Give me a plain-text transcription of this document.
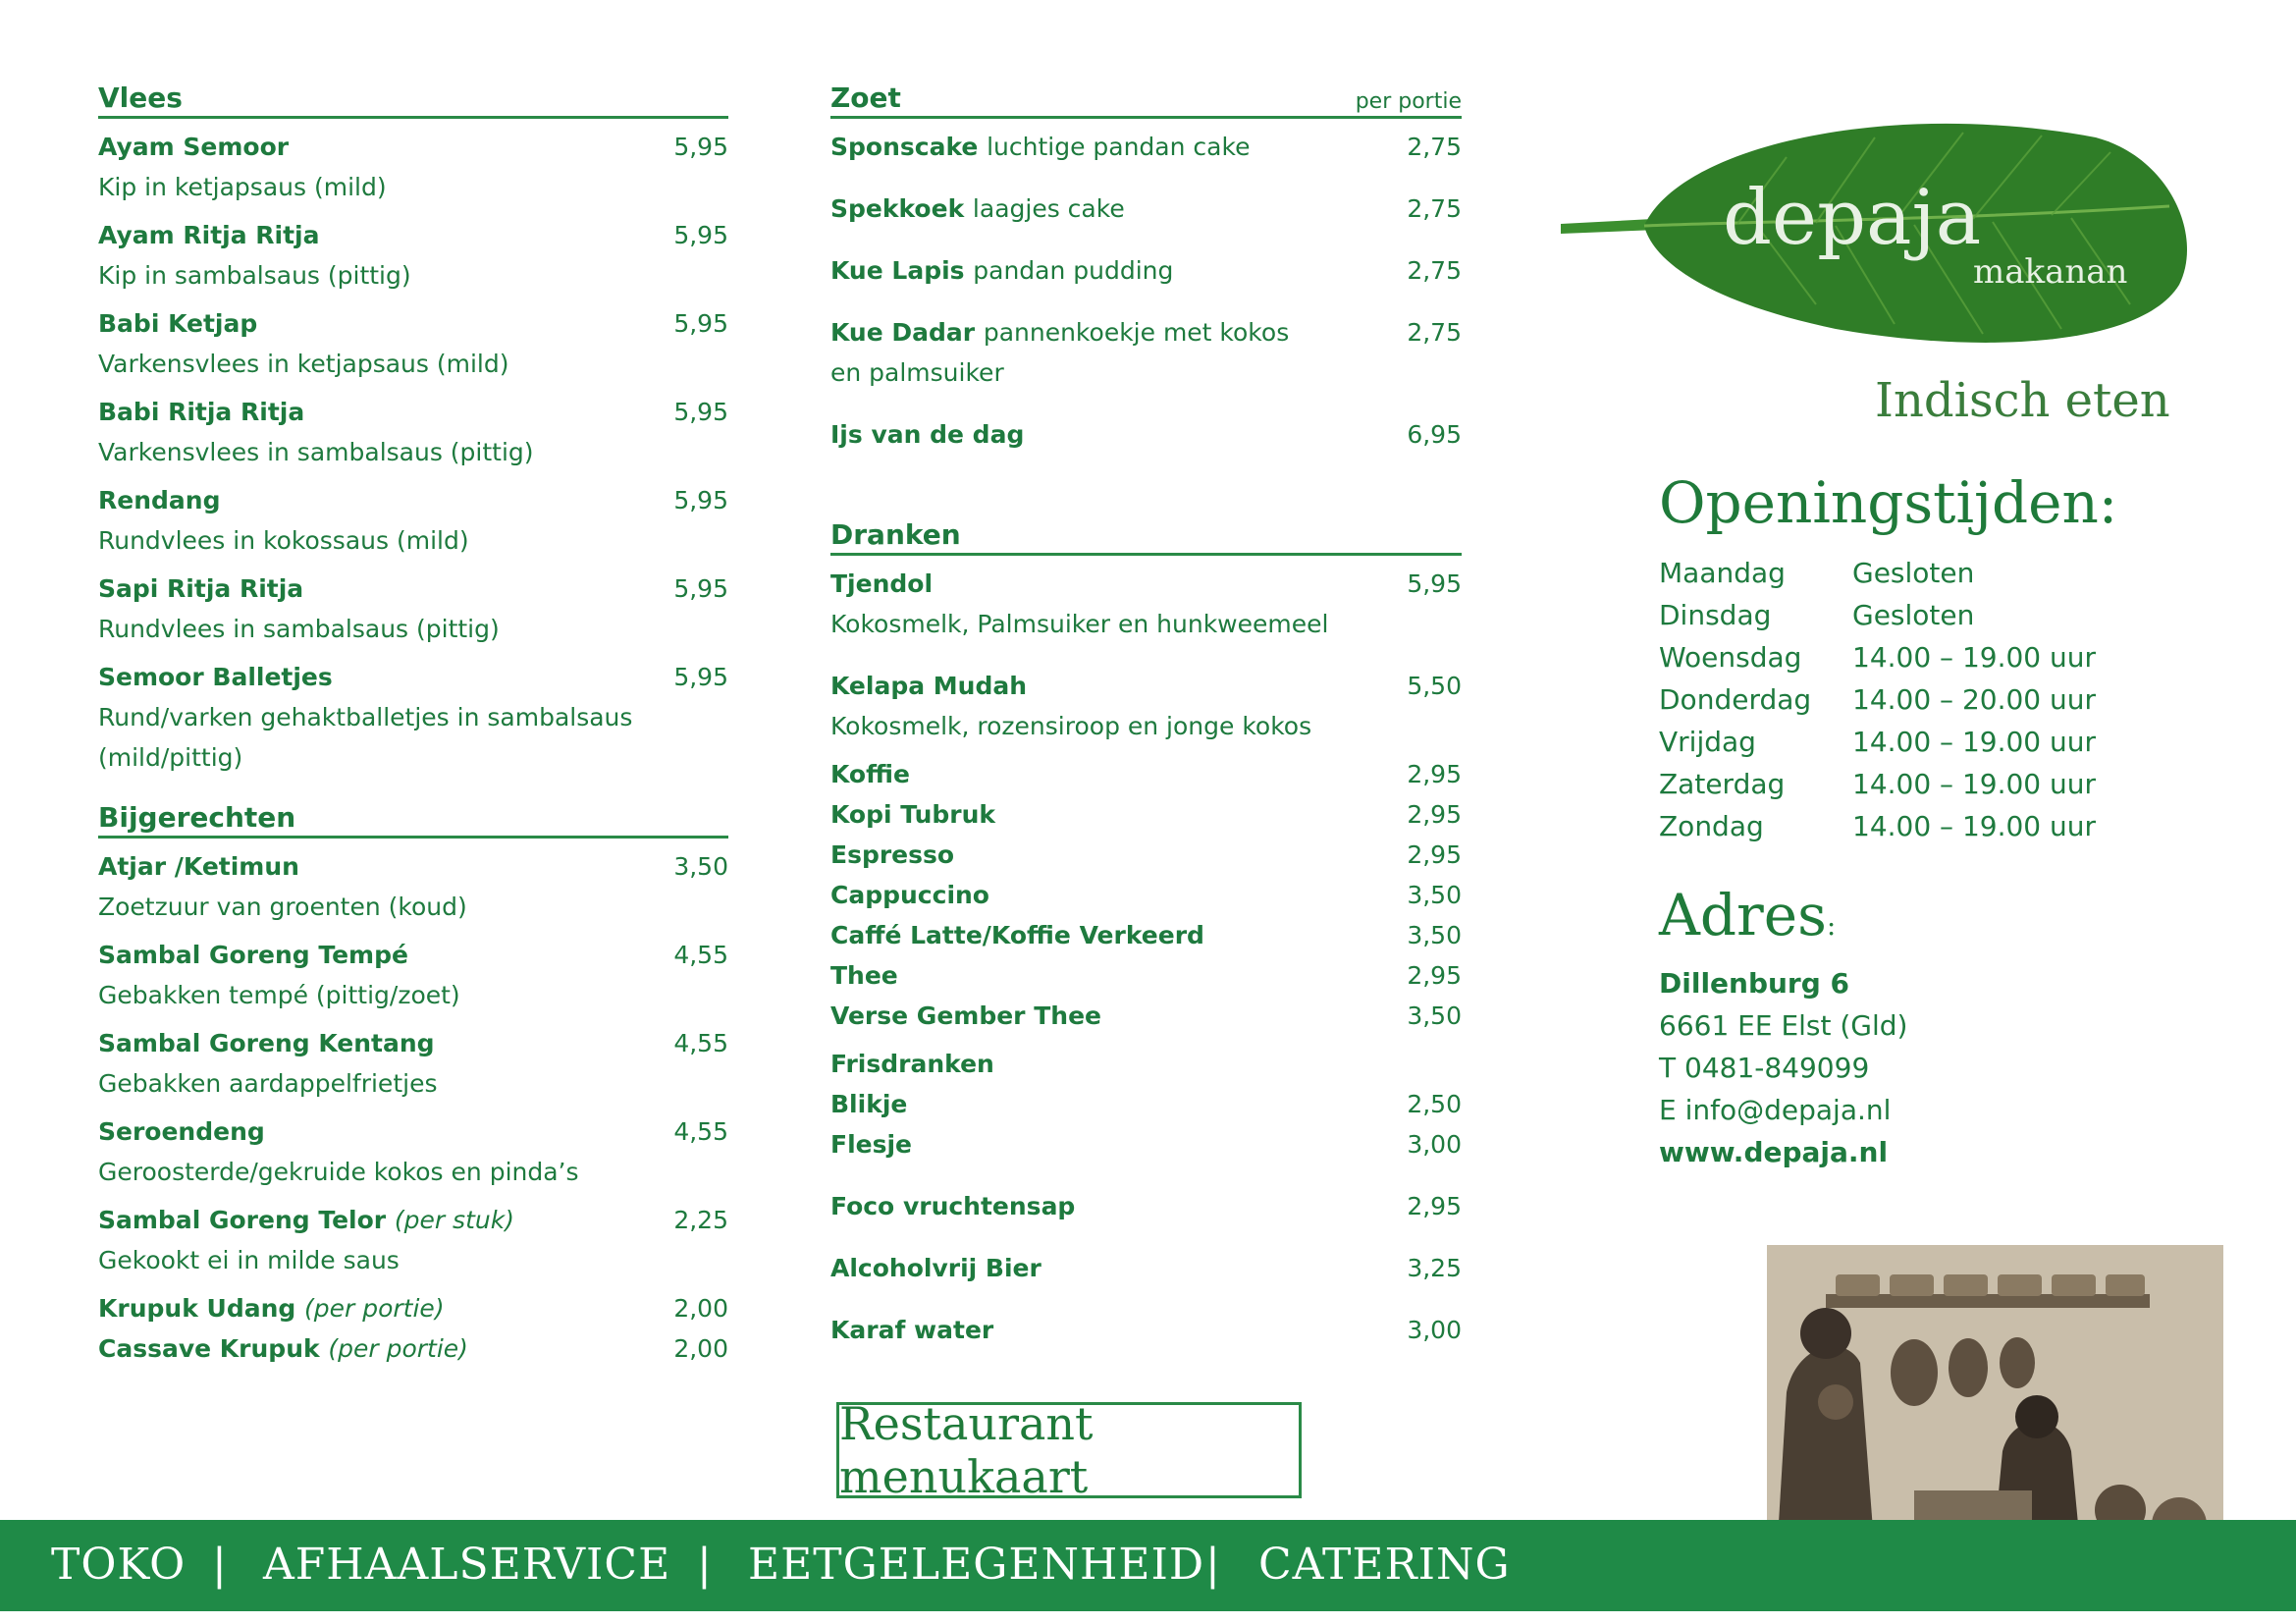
Vlees
Ayam Semoor	5,95
Kip in ketjapsaus (mild)
Ayam Ritja Ritja	5,95
Kip in sambalsaus (pittig)
Babi Ketjap	5,95
Varkensvlees in ketjapsaus (mild)
Babi Ritja Ritja	5,95
Varkensvlees in sambalsaus (pittig)
Rendang	5,95
Rundvlees in kokossaus (mild)
Sapi Ritja Ritja	5,95
Rundvlees in sambalsaus (pittig)
Semoor Balletjes	5,95
Rund/varken gehaktballetjes in sambalsaus
(mild/pittig)
Bijgerechten
Atjar /Ketimun	3,50
Zoetzuur van groenten (koud)
Sambal Goreng Tempé	4,55
Gebakken tempé (pittig/zoet)
Sambal Goreng Kentang	4,55
Gebakken aardappelfrietjes
Seroendeng	4,55
Geroosterde/gekruide kokos en pinda’s
Sambal Goreng Telor (per stuk)	2,25
Gekookt ei in milde saus
Krupuk Udang (per portie)	2,00
Cassave Krupuk (per portie)	2,00
Zoet	per portie
Sponscake luchtige pandan cake	2,75
Spekkoek laagjes cake	2,75
Kue Lapis pandan pudding	2,75
Kue Dadar pannenkoekje met kokos	2,75
en palmsuiker
Ijs van de dag	6,95
Dranken
Tjendol	5,95
Kokosmelk, Palmsuiker en hunkweemeel
Kelapa Mudah	5,50
Kokosmelk, rozensiroop en jonge kokos
Koffie	2,95
Kopi Tubruk	2,95
Espresso	2,95
Cappuccino	3,50
Caffé Latte/Koffie Verkeerd	3,50
Thee	2,95
Verse Gember Thee	3,50
Frisdranken
Blikje	2,50
Flesje	3,00
Foco vruchtensap	2,95
Alcoholvrij Bier	3,25
Karaf water	3,00
Restaurant menukaart
depaja
makanan
Indisch eten
Openingstijden:
Maandag	Gesloten
Dinsdag	Gesloten
Woensdag	14.00 – 19.00 uur
Donderdag	14.00 – 20.00 uur
Vrijdag	14.00 – 19.00 uur
Zaterdag	14.00 – 19.00 uur
Zondag	14.00 – 19.00 uur
Adres:
Dillenburg 6
6661 EE Elst (Gld)
T 0481-849099
E info@depaja.nl
www.depaja.nl
TOKO | AFHAALSERVICE | EETGELEGENHEID | CATERING
